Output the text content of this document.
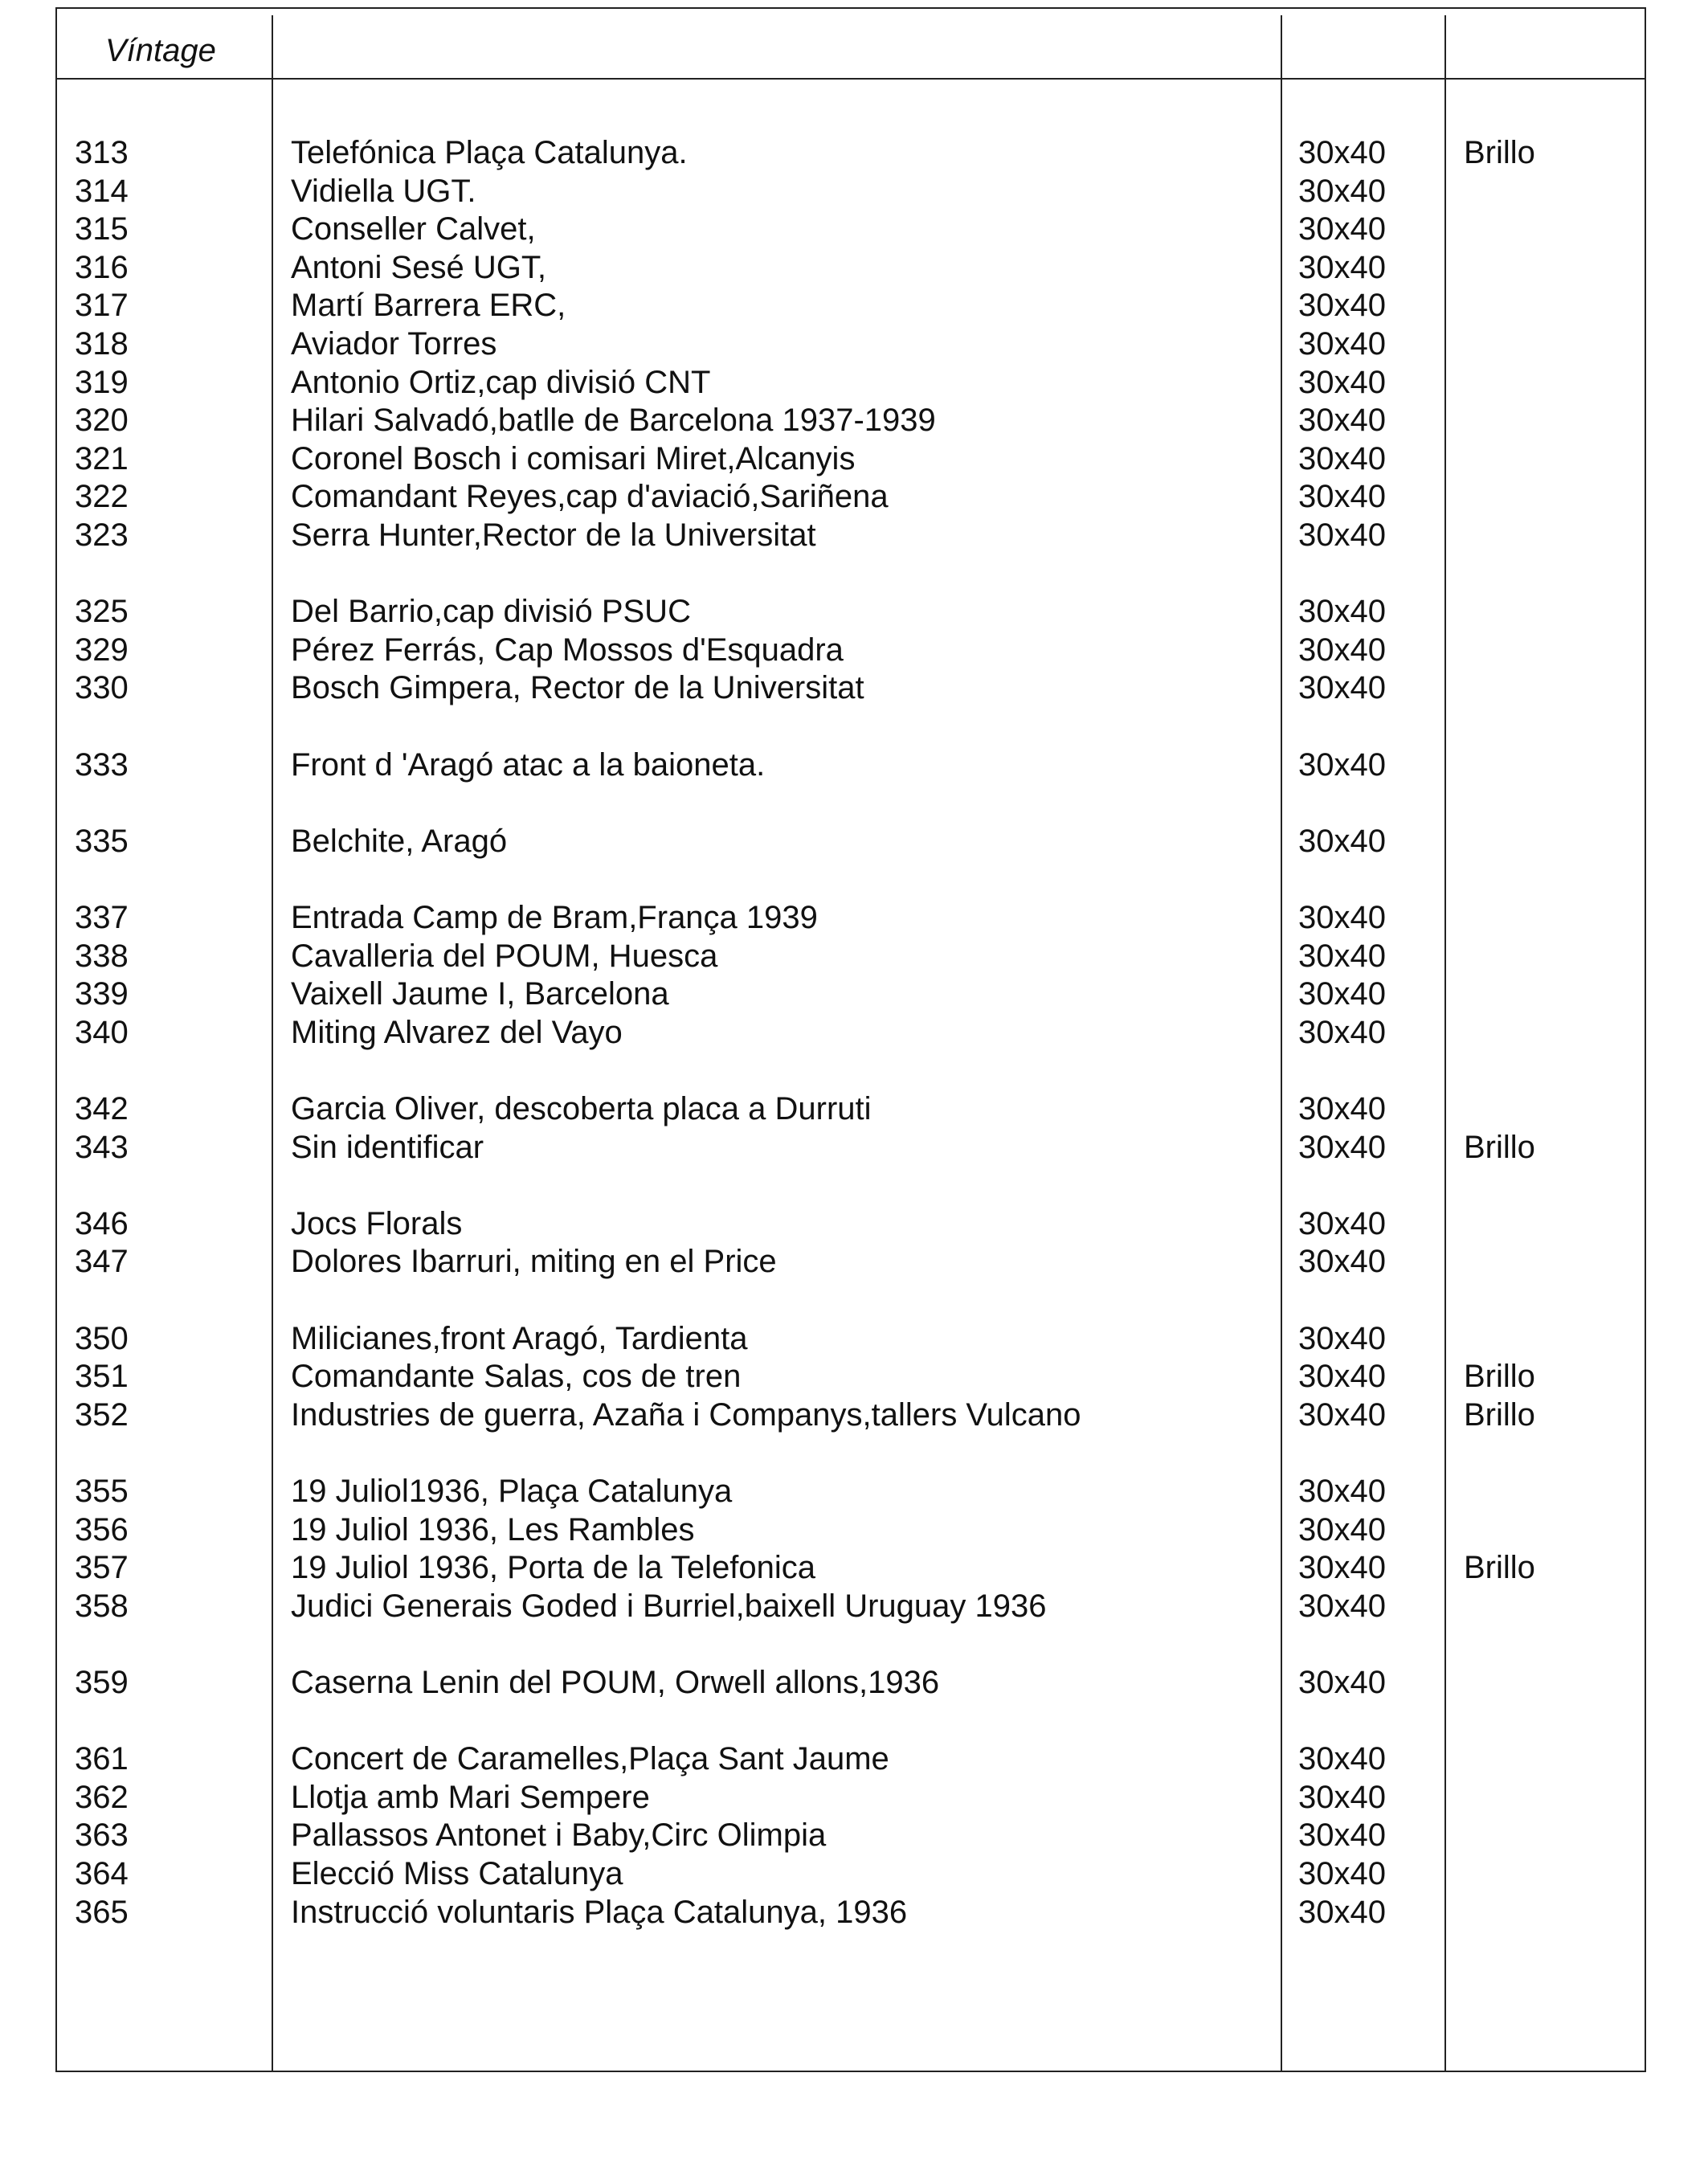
Víntage
313	Telefónica Plaça Catalunya.	30x40 Brillo
314	Vidiella UGT.	30x40
315	Conseller Calvet,	30x40
316	Antoni Sesé UGT,	30x40
317	Martí Barrera ERC,	30x40
318	Aviador Torres	30x40
319	Antonio Ortiz,cap divisió CNT	30x40
320	Hilari Salvadó,batlle de Barcelona 1937-1939	30x40
321	Coronel Bosch i comisari Miret,Alcanyis	30x40
322	Comandant Reyes,cap d'aviació,Sariñena	30x40
323	Serra Hunter,Rector de la Universitat	30x40
325	Del Barrio,cap divisió PSUC	30x40
329	Pérez Ferrás, Cap Mossos d'Esquadra	30x40
330	Bosch Gimpera, Rector de la Universitat	30x40
333	Front d 'Aragó atac a la baioneta.	30x40
335	Belchite, Aragó	30x40
337	Entrada Camp de Bram,França 1939	30x40
338	Cavalleria del POUM, Huesca	30x40
339	Vaixell Jaume I, Barcelona	30x40
340	Miting Alvarez del Vayo	30x40
342	Garcia Oliver, descoberta placa a Durruti	30x40
343	Sin identificar	30x40 Brillo
346	Jocs Florals	30x40
347	Dolores Ibarruri, miting en el Price	30x40
350	Milicianes,front Aragó, Tardienta	30x40
351	Comandante Salas, cos de tren	30x40 Brillo
352	Industries de guerra, Azaña i Companys,tallers Vulcano	30x40 Brillo
355	19 Juliol1936, Plaça Catalunya	30x40
356	19 Juliol 1936, Les Rambles	30x40
357	19 Juliol 1936, Porta de la Telefonica	30x40 Brillo
358	Judici Generais Goded i Burriel,baixell Uruguay 1936	30x40
359	Caserna Lenin del POUM, Orwell allons,1936	30x40
361	Concert de Caramelles,Plaça Sant Jaume	30x40
362	Llotja amb Mari Sempere	30x40
363	Pallassos Antonet i Baby,Circ Olimpia	30x40
364	Elecció Miss Catalunya	30x40
365	Instrucció voluntaris Plaça Catalunya, 1936	30x40
